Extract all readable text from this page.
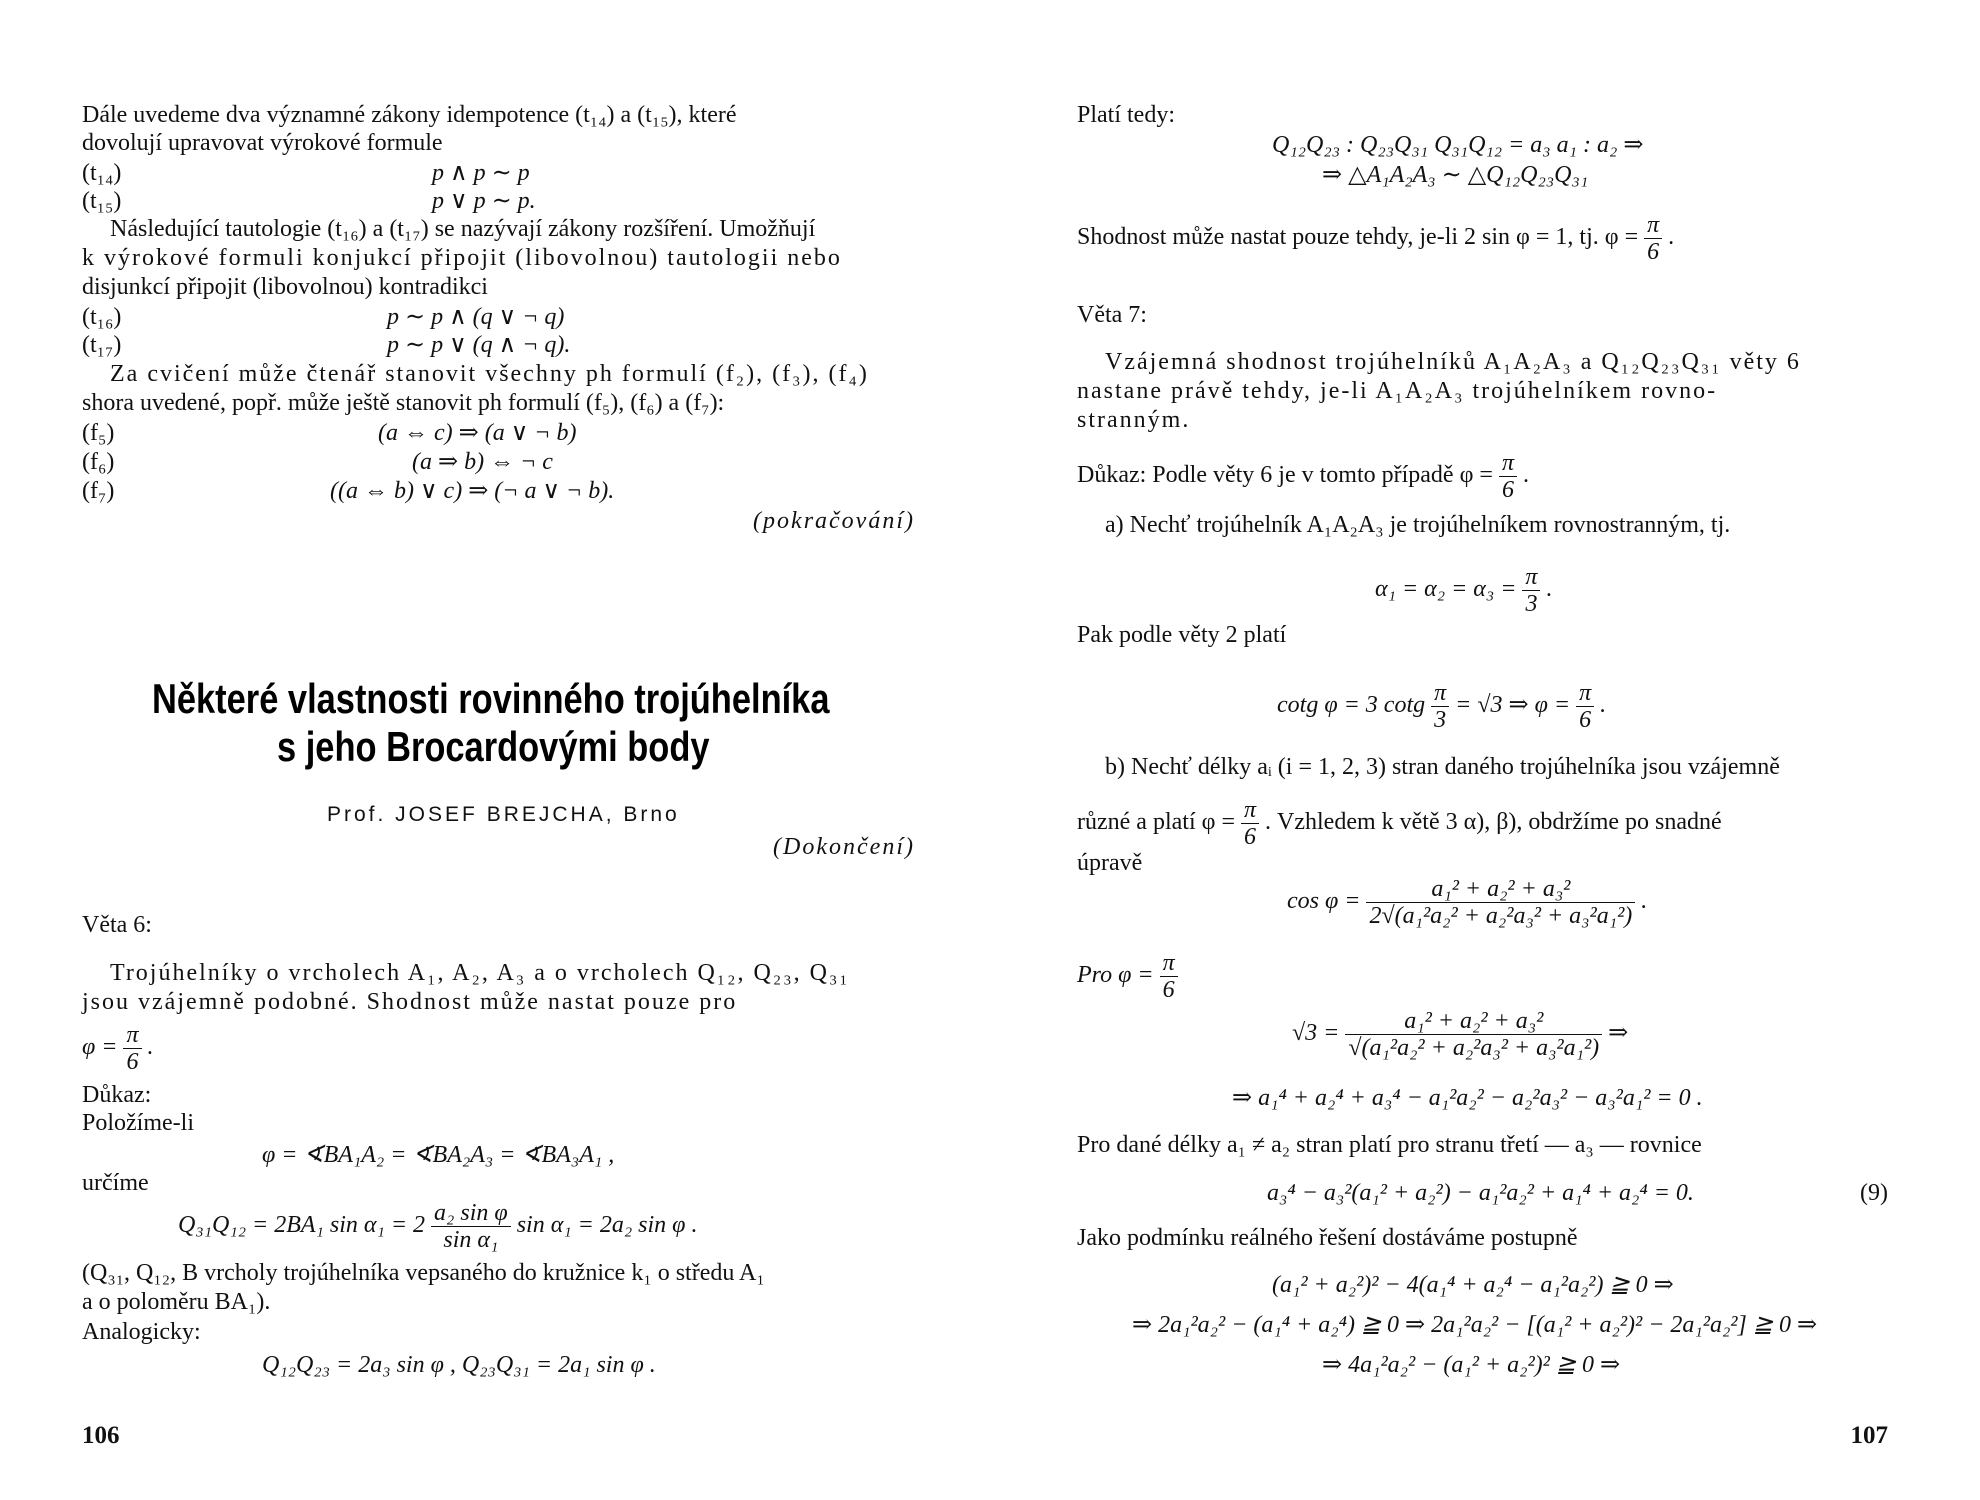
Dále uvedeme dva významné zákony idempotence (t₁₄) a (t₁₅), které
dovolují upravovat výrokové formule
(t₁₄)	p ∧ p ∼ p
(t₁₅)	p ∨ p ∼ p.
Následující tautologie (t₁₆) a (t₁₇) se nazývají zákony rozšíření. Umožňují
k výrokové formuli konjukcí připojit (libovolnou) tautologii nebo
disjunkcí připojit (libovolnou) kontradikci
(t₁₆)	p ∼ p ∧ (q ∨ ¬ q)
(t₁₇)	p ∼ p ∨ (q ∧ ¬ q).
Za cvičení může čtenář stanovit všechny ph formulí (f₂), (f₃), (f₄)
shora uvedené, popř. může ještě stanovit ph formulí (f₅), (f₆) a (f₇):
(f₅)	(a ⇔ c) ⇒ (a ∨ ¬ b)
(f₆)	(a ⇒ b) ⇔ ¬ c
(f₇)	((a ⇔ b) ∨ c) ⇒ (¬ a ∨ ¬ b).
(pokračování)
Některé vlastnosti rovinného trojúhelníka
s jeho Brocardovými body
Prof. JOSEF BREJCHA, Brno
(Dokončení)
Věta 6:
Trojúhelníky o vrcholech A₁, A₂, A₃ a o vrcholech Q₁₂, Q₂₃, Q₃₁
jsou vzájemně podobné. Shodnost může nastat pouze pro
$\varphi = \frac{\pi}{6}$ .
Důkaz:
Položíme-li
φ = ∢BA₁A₂ = ∢BA₂A₃ = ∢BA₃A₁ ,
určíme
Q₃₁Q₁₂ = 2BA₁ $\sin \alpha_1 = 2 \frac{\text{a₂ sin φ}}{\text{sin α₁}}$ sin α₁ = 2a₂ sin φ .
(Q₃₁, Q₁₂, B vrcholy trojúhelníka vepsaného do kružnice k₁ o středu A₁
a o poloměru BA₁).
Analogicky:
Q₁₂Q₂₃ = 2a₃ sin φ , Q₂₃Q₃₁ = 2a₁ sin φ .
106
Platí tedy:
Q₁₂Q₂₃ : Q₂₃Q₃₁ Q₃₁Q₁₂ = a₃ a₁ : a₂ ⇒
⇒ △A₁A₂A₃ ∼ △Q₁₂Q₂₃Q₃₁
Shodnost může nastat pouze tehdy, je-li 2 sin φ = 1, tj. $\varphi = \frac{\pi}{6}$ .
Věta 7:
Vzájemná shodnost trojúhelníků A₁A₂A₃ a Q₁₂Q₂₃Q₃₁ věty 6
nastane právě tehdy, je-li A₁A₂A₃ trojúhelníkem rovno-
stranným.
Důkaz: Podle věty 6 je v tomto případě $\varphi = \frac{\pi}{6}$ .
a) Nechť trojúhelník A₁A₂A₃ je trojúhelníkem rovnostranným, tj.
$\alpha_1 = \alpha_2 = \alpha_3 = \frac{\pi}{3}$ .
Pak podle věty 2 platí
cotg φ = 3 cotg $\frac{\pi}{3} = √3$ ⇒ $\varphi = \frac{\pi}{6}$ .
b) Nechť délky aᵢ (i = 1, 2, 3) stran daného trojúhelníka jsou vzájemně
různé a platí $\varphi = \frac{\pi}{6}$ . Vzhledem k větě 3 α), β), obdržíme po snadné
úpravě
$\cos \varphi = \frac{\text{a₁² + a₂² + a₃²}}{\text{2√(a₁²a₂² + a₂²a₃² + a₃²a₁²)}}$ .
Pro $\varphi = \frac{\pi}{6}$
$√3 = \frac{\text{a₁² + a₂² + a₃²}}{\text{√(a₁²a₂² + a₂²a₃² + a₃²a₁²)}}$ ⇒
⇒ a₁⁴ + a₂⁴ + a₃⁴ − a₁²a₂² − a₂²a₃² − a₃²a₁² = 0 .
Pro dané délky a₁ ≠ a₂ stran platí pro stranu třetí — a₃ — rovnice
a₃⁴ − a₃²(a₁² + a₂²) − a₁²a₂² + a₁⁴ + a₂⁴ = 0.	(9)
Jako podmínku reálného řešení dostáváme postupně
(a₁² + a₂²)² − 4(a₁⁴ + a₂⁴ − a₁²a₂²) ≧ 0 ⇒
⇒ 2a₁²a₂² − (a₁⁴ + a₂⁴) ≧ 0 ⇒ 2a₁²a₂² − [(a₁² + a₂²)² − 2a₁²a₂²] ≧ 0 ⇒
⇒ 4a₁²a₂² − (a₁² + a₂²)² ≧ 0 ⇒
107
